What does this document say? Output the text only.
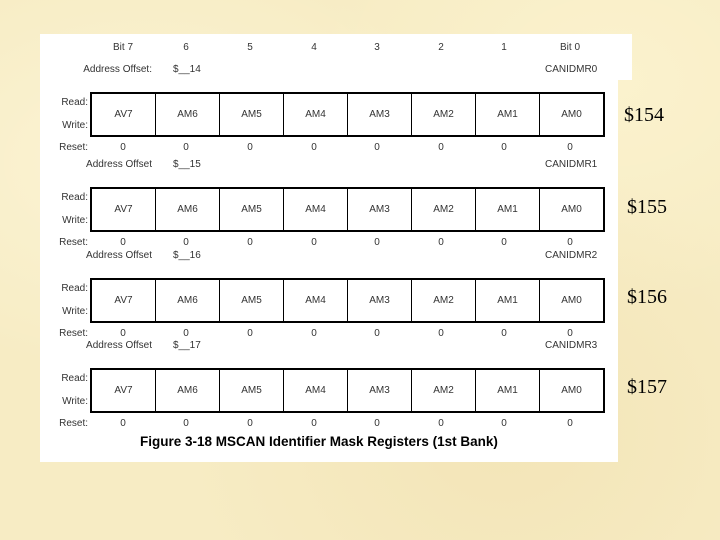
Figure 3-18 MSCAN Identifier Mask Registers (1st Bank)
Bit 7	6	5	4	3	2	1	Bit 0
Address Offset: $__14	CANIDMR0
Read:
Write:
AV7	AM6	AM5	AM4	AM3	AM2	AM1	AM0
Reset:	0	0	0	0	0	0	0	0
Address Offset $__15	CANIDMR1
Read:
Write:
AV7	AM6	AM5	AM4	AM3	AM2	AM1	AM0
Reset:	0	0	0	0	0	0	0	0
Address Offset $__16	CANIDMR2
Read:
Write:
AV7	AM6	AM5	AM4	AM3	AM2	AM1	AM0
Reset:	0	0	0	0	0	0	0	0
Address Offset $__17	CANIDMR3
Read:
Write:
AV7	AM6	AM5	AM4	AM3	AM2	AM1	AM0
Reset:	0	0	0	0	0	0	0	0
$154
$155
$156
$157
